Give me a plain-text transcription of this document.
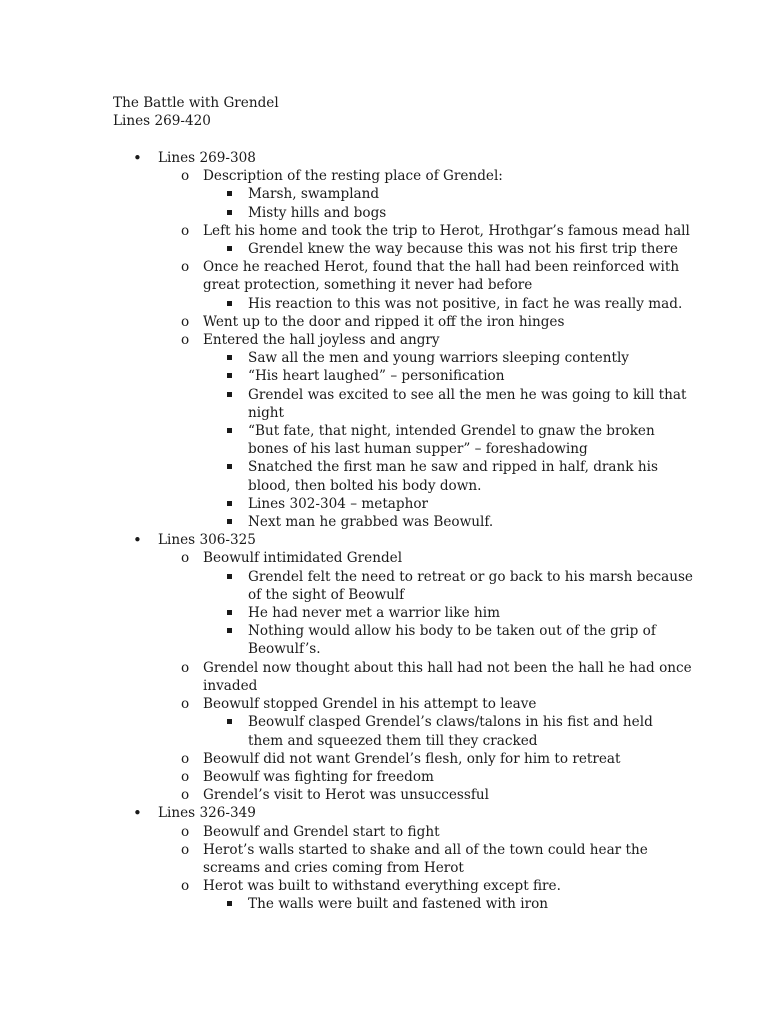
The Battle with Grendel
Lines 269-420
• Lines 269-308
o Description of the resting place of Grendel:
Marsh, swampland
Misty hills and bogs
o Left his home and took the trip to Herot, Hrothgar’s famous mead hall
Grendel knew the way because this was not his first trip there
o Once he reached Herot, found that the hall had been reinforced with
great protection, something it never had before
His reaction to this was not positive, in fact he was really mad.
o Went up to the door and ripped it off the iron hinges
o Entered the hall joyless and angry
Saw all the men and young warriors sleeping contently
“His heart laughed” – personification
Grendel was excited to see all the men he was going to kill that
night
“But fate, that night, intended Grendel to gnaw the broken
bones of his last human supper” – foreshadowing
Snatched the first man he saw and ripped in half, drank his
blood, then bolted his body down.
Lines 302-304 – metaphor
Next man he grabbed was Beowulf.
• Lines 306-325
o Beowulf intimidated Grendel
Grendel felt the need to retreat or go back to his marsh because
of the sight of Beowulf
He had never met a warrior like him
Nothing would allow his body to be taken out of the grip of
Beowulf’s.
o Grendel now thought about this hall had not been the hall he had once
invaded
o Beowulf stopped Grendel in his attempt to leave
Beowulf clasped Grendel’s claws/talons in his fist and held
them and squeezed them till they cracked
o Beowulf did not want Grendel’s flesh, only for him to retreat
o Beowulf was fighting for freedom
o Grendel’s visit to Herot was unsuccessful
• Lines 326-349
o Beowulf and Grendel start to fight
o Herot’s walls started to shake and all of the town could hear the
screams and cries coming from Herot
o Herot was built to withstand everything except fire.
The walls were built and fastened with iron
